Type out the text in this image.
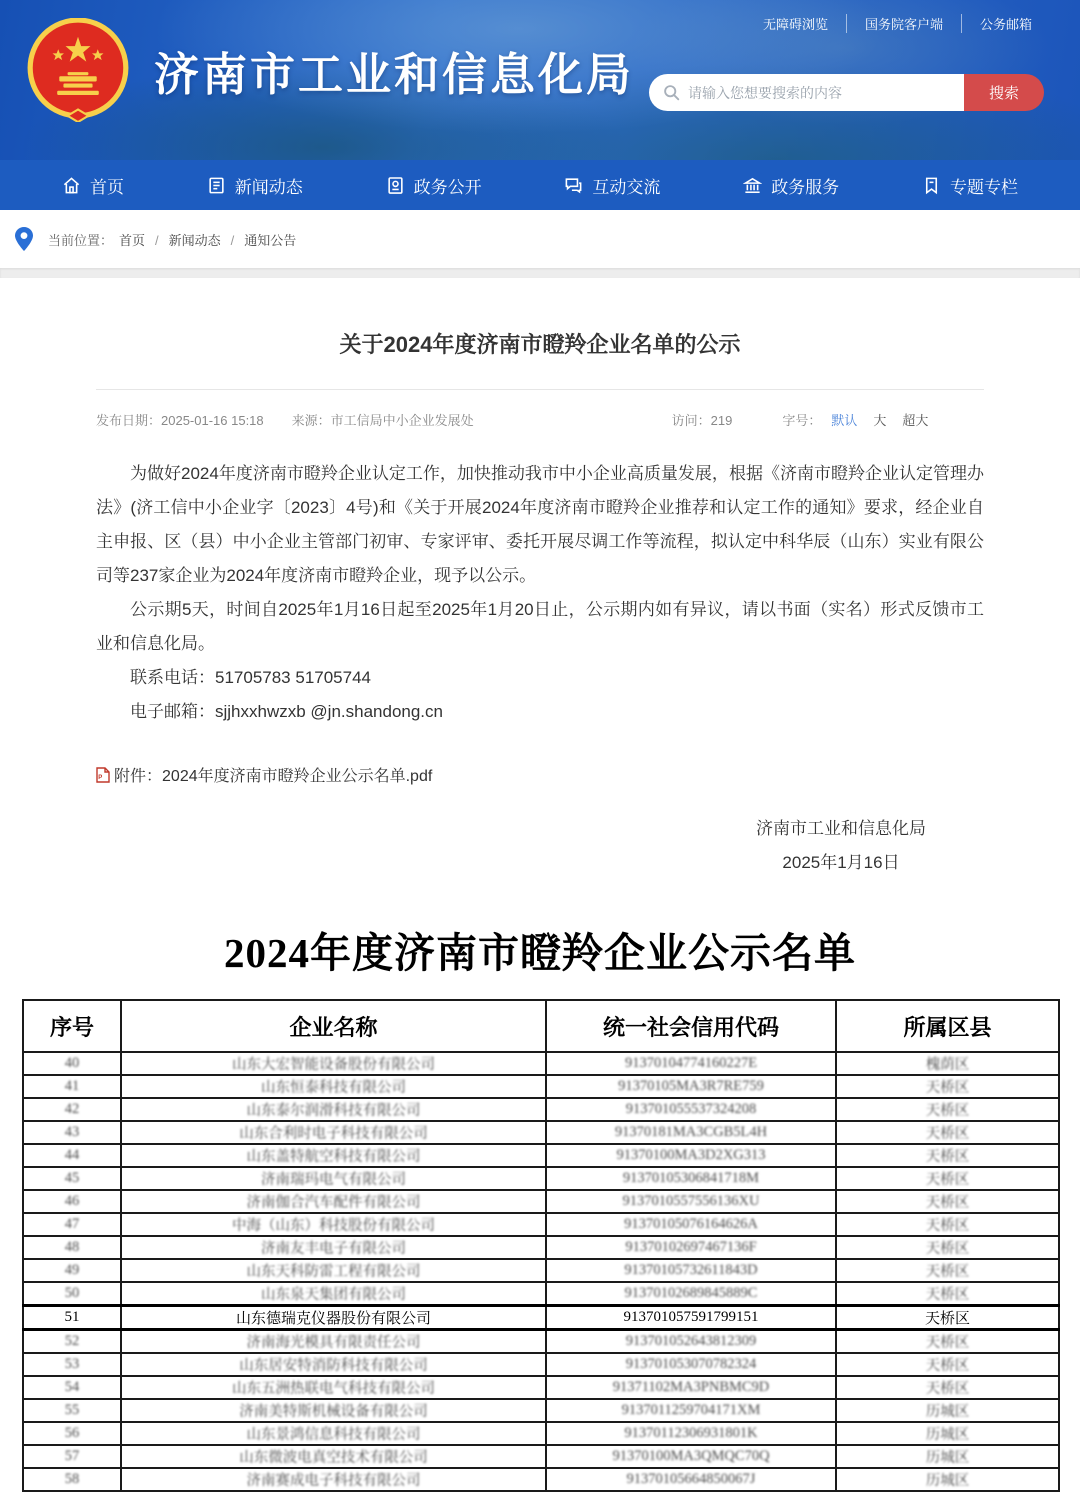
无障碍浏览	国务院客户端	公务邮箱
济南市工业和信息化局
请输入您想要搜索的内容	搜索
首页	新闻动态	政务公开	互动交流	政务服务	专题专栏
当前位置： 首页	/ 新闻动态	/ 通知公告
关于2024年度济南市瞪羚企业名单的公示
发布日期：2025-01-16 15:18 来源：市工信局中小企业发展处	访问：219	字号： 默认 大 超大

为做好2024年度济南市瞪羚企业认定工作，加快推动我市中小企业高质量发展，根据《济南市瞪羚企业认定管理办法》(济工信中小企业字〔2023〕4号)和《关于开展2024年度济南市瞪羚企业推荐和认定工作的通知》要求，经企业自主申报、区（县）中小企业主管部门初审、专家评审、委托开展尽调工作等流程，拟认定中科华辰（山东）实业有限公司等237家企业为2024年度济南市瞪羚企业，现予以公示。

公示期5天，时间自2025年1月16日起至2025年1月20日止，公示期内如有异议，请以书面（实名）形式反馈市工业和信息化局。

联系电话：51705783 51705744

电子邮箱：sjjhxxhwzxb @jn.shandong.cn

P 附件： 2024年度济南市瞪羚企业公示名单.pdf
济南市工业和信息化局
2025年1月16日
2024年度济南市瞪羚企业公示名单
序号	企业名称	统一社会信用代码	所属区县
40	山东大宏智能设备股份有限公司	91370104774160227E	槐荫区
41	山东恒泰科技有限公司	91370105MA3R7RE759	天桥区
42	山东泰尔润滑科技有限公司	913701055537324208	天桥区
43	山东合利时电子科技有限公司	91370181MA3CGB5L4H	天桥区
44	山东盖特航空科技有限公司	91370100MA3D2XG313	天桥区
45	济南瑞玛电气有限公司	91370105306841718M	天桥区
46	济南伽合汽车配件有限公司	9137010557556136XU	天桥区
47	中海（山东）科技股份有限公司	91370105076164626A	天桥区
48	济南友丰电子有限公司	91370102697467136F	天桥区
49	山东天科防雷工程有限公司	91370105732611843D	天桥区
50	山东泉天集团有限公司	91370102689845889C	天桥区
51	山东德瑞克仪器股份有限公司	913701057591799151	天桥区
52	济南海光模具有限责任公司	913701052643812309	天桥区
53	山东居安特消防科技有限公司	913701053070782324	天桥区
54	山东五洲热联电气科技有限公司	91371102MA3PNBMC9D	天桥区
55	济南美特斯机械设备有限公司	9137011259704171XM	历城区
56	山东景鸿信息科技有限公司	91370112306931801K	历城区
57	山东微波电真空技术有限公司	91370100MA3QMQC70Q	历城区
58	济南赛成电子科技有限公司	91370105664850067J	历城区
